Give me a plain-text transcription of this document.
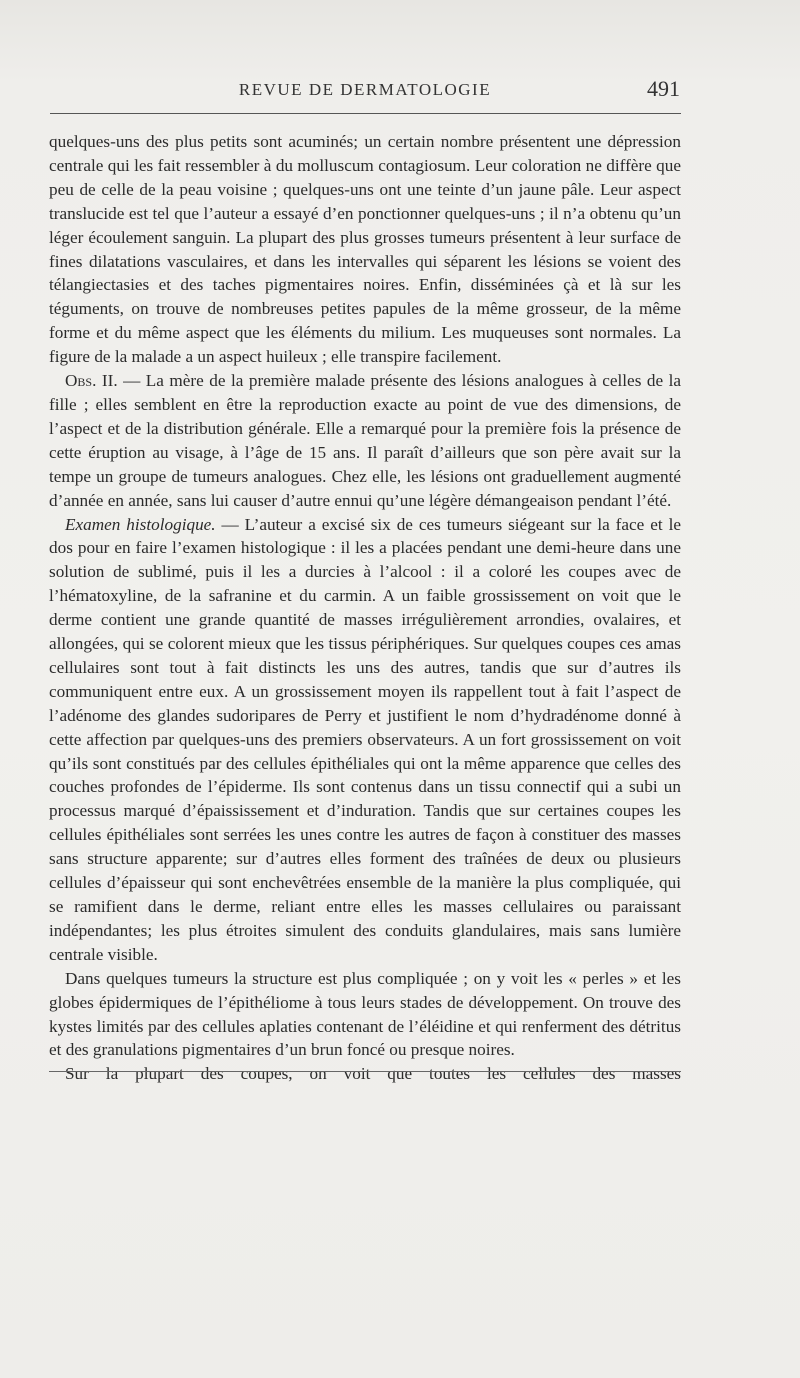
REVUE DE DERMATOLOGIE	491

quelques-uns des plus petits sont acuminés; un certain nombre présentent une dépression centrale qui les fait ressembler à du molluscum contagiosum. Leur coloration ne diffère que peu de celle de la peau voisine ; quelques-uns ont une teinte d’un jaune pâle. Leur aspect translucide est tel que l’auteur a essayé d’en ponctionner quelques-uns ; il n’a obtenu qu’un léger écoulement sanguin. La plupart des plus grosses tumeurs présentent à leur surface de fines dilatations vasculaires, et dans les intervalles qui séparent les lésions se voient des télangiectasies et des taches pigmentaires noires. Enfin, disséminées çà et là sur les téguments, on trouve de nombreuses petites papules de la même grosseur, de la même forme et du même aspect que les éléments du milium. Les muqueuses sont normales. La figure de la malade a un aspect huileux ; elle transpire facilement.

Obs. II. — La mère de la première malade présente des lésions analogues à celles de la fille ; elles semblent en être la reproduction exacte au point de vue des dimensions, de l’aspect et de la distribution générale. Elle a remarqué pour la première fois la présence de cette éruption au visage, à l’âge de 15 ans. Il paraît d’ailleurs que son père avait sur la tempe un groupe de tumeurs analogues. Chez elle, les lésions ont graduellement augmenté d’année en année, sans lui causer d’autre ennui qu’une légère démangeaison pendant l’été.

Examen histologique. — L’auteur a excisé six de ces tumeurs siégeant sur la face et le dos pour en faire l’examen histologique : il les a placées pendant une demi-heure dans une solution de sublimé, puis il les a durcies à l’alcool : il a coloré les coupes avec de l’hématoxyline, de la safranine et du carmin. A un faible grossissement on voit que le derme contient une grande quantité de masses irrégulièrement arrondies, ovalaires, et allongées, qui se colorent mieux que les tissus périphériques. Sur quelques coupes ces amas cellulaires sont tout à fait distincts les uns des autres, tandis que sur d’autres ils communiquent entre eux. A un grossissement moyen ils rappellent tout à fait l’aspect de l’adénome des glandes sudoripares de Perry et justifient le nom d’hydradénome donné à cette affection par quelques-uns des premiers observateurs. A un fort grossissement on voit qu’ils sont constitués par des cellules épithéliales qui ont la même apparence que celles des couches profondes de l’épiderme. Ils sont contenus dans un tissu connectif qui a subi un processus marqué d’épaississement et d’induration. Tandis que sur certaines coupes les cellules épithéliales sont serrées les unes contre les autres de façon à constituer des masses sans structure apparente; sur d’autres elles forment des traînées de deux ou plusieurs cellules d’épaisseur qui sont enchevêtrées ensemble de la manière la plus compliquée, qui se ramifient dans le derme, reliant entre elles les masses cellulaires ou paraissant indépendantes; les plus étroites simulent des conduits glandulaires, mais sans lumière centrale visible.

Dans quelques tumeurs la structure est plus compliquée ; on y voit les « perles » et les globes épidermiques de l’épithéliome à tous leurs stades de développement. On trouve des kystes limités par des cellules aplaties contenant de l’éléidine et qui renferment des détritus et des granulations pigmentaires d’un brun foncé ou presque noires.

Sur la plupart des coupes, on voit que toutes les cellules des masses
